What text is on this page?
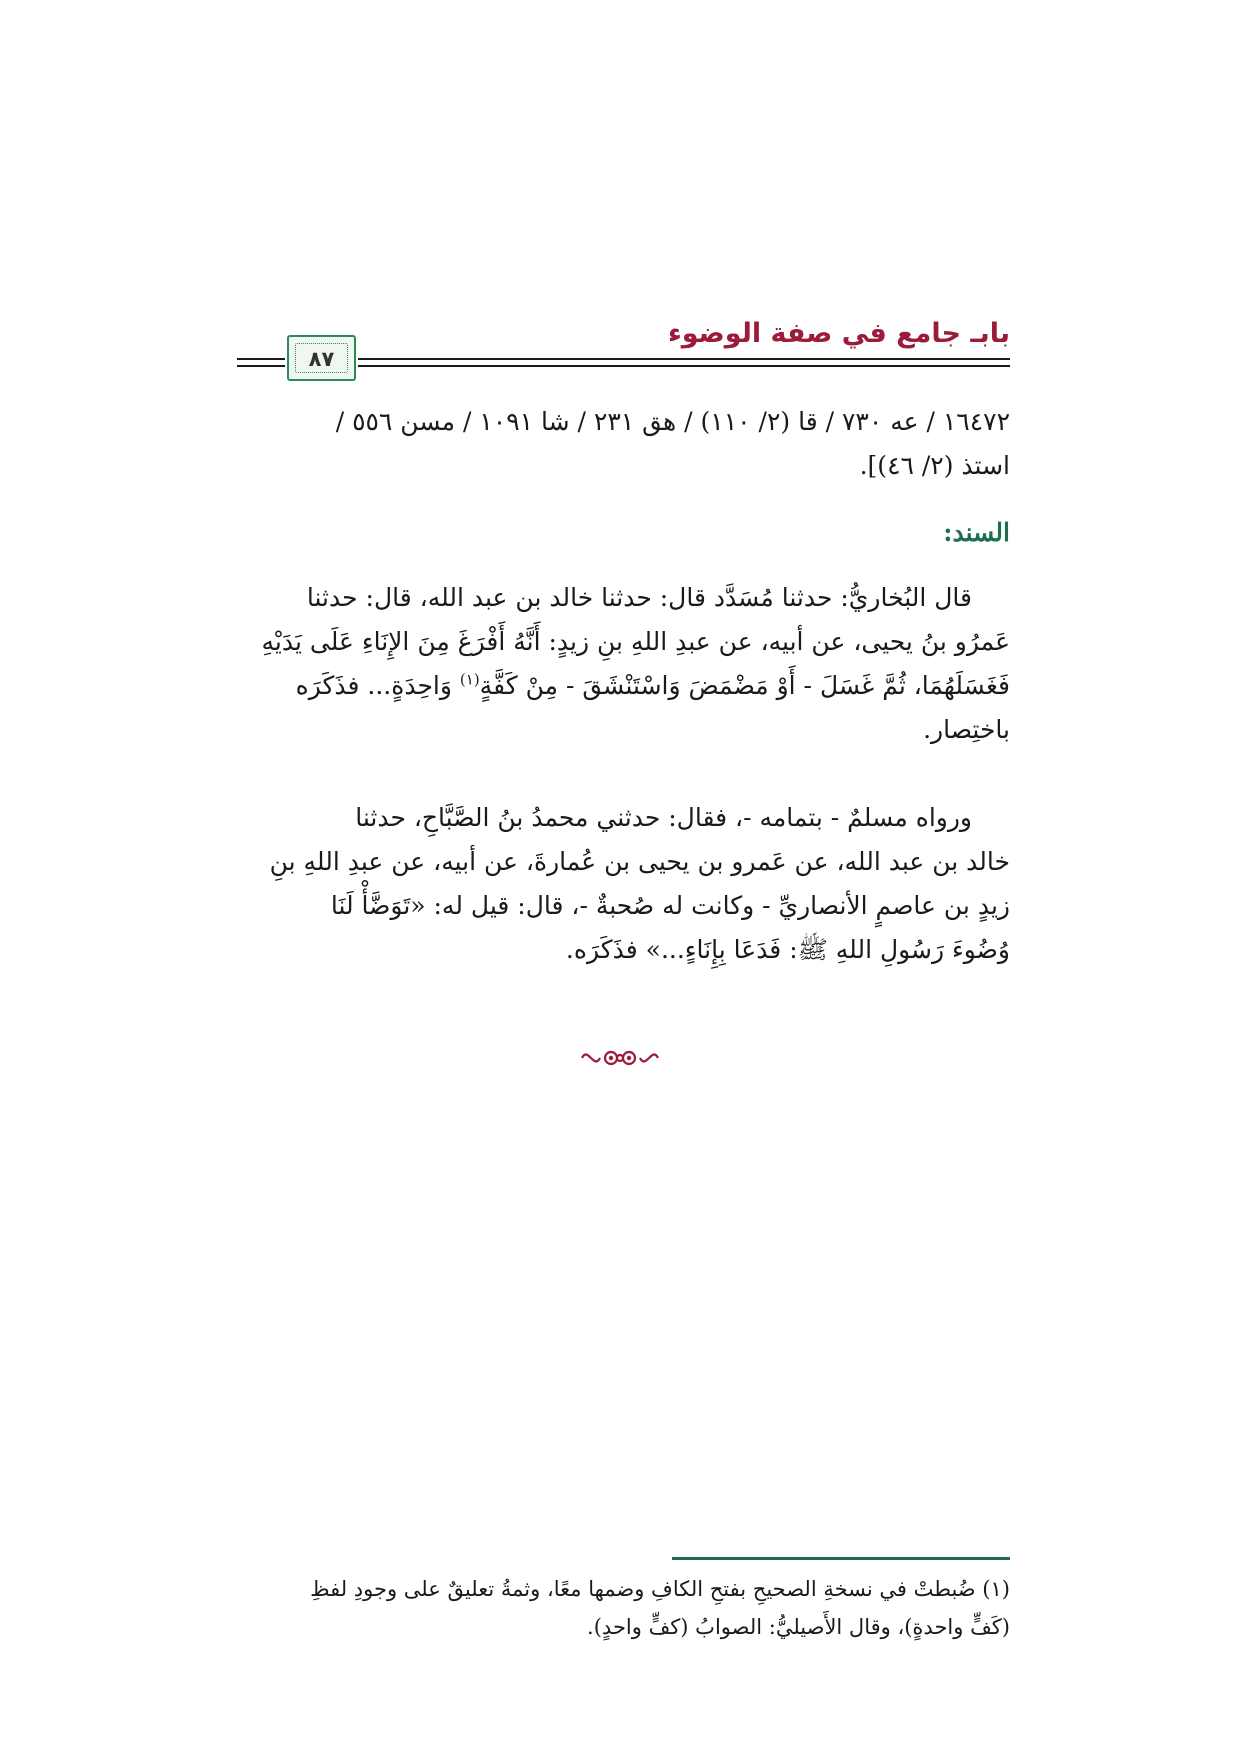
بابـ جامع في صفة الوضوء
٨٧

١٦٤٧٢ / عه ٧٣٠ / قا (٢/ ١١٠) / هق ٢٣١ / شا ١٠٩١ / مسن ٥٥٦ /

استذ (٢/ ٤٦)].

السند:

قال البُخاريُّ: حدثنا مُسَدَّد قال: حدثنا خالد بن عبد الله، قال: حدثنا

عَمرُو بنُ يحيى، عن أبيه، عن عبدِ اللهِ بنِ زيدٍ: أَنَّهُ أَفْرَغَ مِنَ الإِنَاءِ عَلَى يَدَيْهِ

فَغَسَلَهُمَا، ثُمَّ غَسَلَ - أَوْ مَضْمَضَ وَاسْتَنْشَقَ - مِنْ كَفَّةٍ$^{(١)}$ وَاحِدَةٍ... فذَكَرَه

باختِصار.

ورواه مسلمٌ - بتمامه -، فقال: حدثني محمدُ بنُ الصَّبَّاحِ، حدثنا

خالد بن عبد الله، عن عَمرو بن يحيى بن عُمارةَ، عن أبيه، عن عبدِ اللهِ بنِ

زيدٍ بن عاصمٍ الأنصاريِّ - وكانت له صُحبةٌ -، قال: قيل له: «تَوَضَّأْ لَنَا

وُضُوءَ رَسُولِ اللهِ ﷺ: فَدَعَا بِإِنَاءٍ...» فذَكَرَه.

(١) ضُبطتْ في نسخةِ الصحيحِ بفتحِ الكافِ وضمها معًا، وثمةُ تعليقٌ على وجودِ لفظِ

(كَفٍّ واحدةٍ)، وقال الأَصيليُّ: الصوابُ (كفٍّ واحدٍ).
